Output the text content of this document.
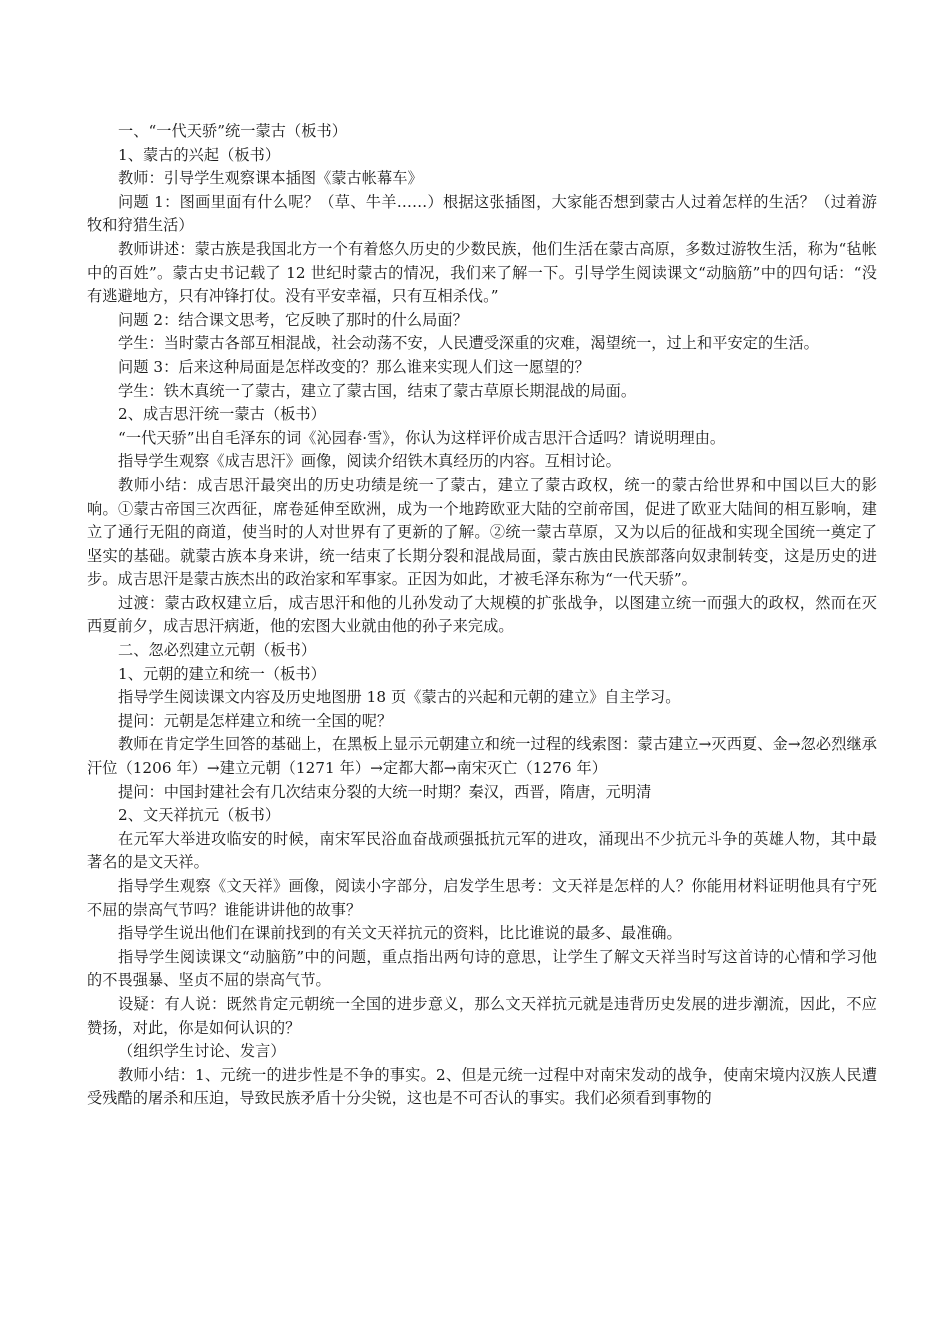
一、“一代天骄”统一蒙古（板书）

1、蒙古的兴起（板书）

教师：引导学生观察课本插图《蒙古帐幕车》

问题 1：图画里面有什么呢？（草、牛羊……）根据这张插图，大家能否想到蒙古人过着怎样的生活？（过着游牧和狩猎生活）

教师讲述：蒙古族是我国北方一个有着悠久历史的少数民族，他们生活在蒙古高原，多数过游牧生活，称为“毡帐中的百姓”。蒙古史书记载了 12 世纪时蒙古的情况，我们来了解一下。引导学生阅读课文“动脑筋”中的四句话：“没有逃避地方，只有冲锋打仗。没有平安幸福，只有互相杀伐。”

问题 2：结合课文思考，它反映了那时的什么局面？

学生：当时蒙古各部互相混战，社会动荡不安，人民遭受深重的灾难，渴望统一，过上和平安定的生活。

问题 3：后来这种局面是怎样改变的？那么谁来实现人们这一愿望的？

学生：铁木真统一了蒙古，建立了蒙古国，结束了蒙古草原长期混战的局面。

2、成吉思汗统一蒙古（板书）

“一代天骄”出自毛泽东的词《沁园春·雪》，你认为这样评价成吉思汗合适吗？请说明理由。

指导学生观察《成吉思汗》画像，阅读介绍铁木真经历的内容。互相讨论。

教师小结：成吉思汗最突出的历史功绩是统一了蒙古，建立了蒙古政权，统一的蒙古给世界和中国以巨大的影响。①蒙古帝国三次西征，席卷延伸至欧洲，成为一个地跨欧亚大陆的空前帝国，促进了欧亚大陆间的相互影响，建立了通行无阻的商道，使当时的人对世界有了更新的了解。②统一蒙古草原，又为以后的征战和实现全国统一奠定了坚实的基础。就蒙古族本身来讲，统一结束了长期分裂和混战局面，蒙古族由民族部落向奴隶制转变，这是历史的进步。成吉思汗是蒙古族杰出的政治家和军事家。正因为如此，才被毛泽东称为“一代天骄”。

过渡：蒙古政权建立后，成吉思汗和他的儿孙发动了大规模的扩张战争，以图建立统一而强大的政权，然而在灭西夏前夕，成吉思汗病逝，他的宏图大业就由他的孙子来完成。

二、忽必烈建立元朝（板书）

1、元朝的建立和统一（板书）

指导学生阅读课文内容及历史地图册 18 页《蒙古的兴起和元朝的建立》自主学习。

提问：元朝是怎样建立和统一全国的呢？

教师在肯定学生回答的基础上，在黑板上显示元朝建立和统一过程的线索图：蒙古建立→灭西夏、金→忽必烈继承汗位（1206 年）→建立元朝（1271 年）→定都大都→南宋灭亡（1276 年）

提问：中国封建社会有几次结束分裂的大统一时期？秦汉，西晋，隋唐，元明清

2、文天祥抗元（板书）

在元军大举进攻临安的时候，南宋军民浴血奋战顽强抵抗元军的进攻，涌现出不少抗元斗争的英雄人物，其中最著名的是文天祥。

指导学生观察《文天祥》画像，阅读小字部分，启发学生思考：文天祥是怎样的人？你能用材料证明他具有宁死不屈的崇高气节吗？谁能讲讲他的故事？

指导学生说出他们在课前找到的有关文天祥抗元的资料，比比谁说的最多、最准确。

指导学生阅读课文“动脑筋”中的问题，重点指出两句诗的意思，让学生了解文天祥当时写这首诗的心情和学习他的不畏强暴、坚贞不屈的崇高气节。

设疑：有人说：既然肯定元朝统一全国的进步意义，那么文天祥抗元就是违背历史发展的进步潮流，因此，不应赞扬，对此，你是如何认识的？

（组织学生讨论、发言）

教师小结：1、元统一的进步性是不争的事实。2、但是元统一过程中对南宋发动的战争，使南宋境内汉族人民遭受残酷的屠杀和压迫，导致民族矛盾十分尖锐，这也是不可否认的事实。我们必须看到事物的
